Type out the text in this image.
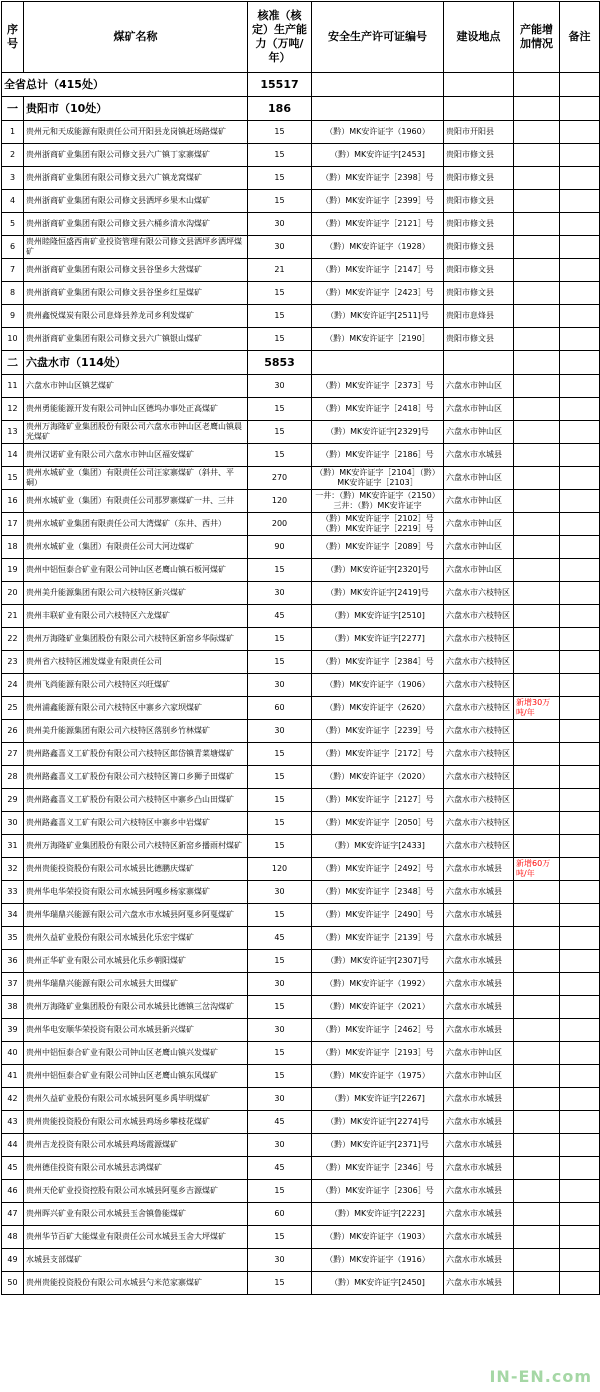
序号	煤矿名称	核准（核定）生产能力（万吨/年）	安全生产许可证编号	建设地点	产能增加情况	备注
全省总计（415处）		15517				
一	贵阳市（10处）	186				
1	贵州元和天成能源有限责任公司开阳县龙岗镇赶场路煤矿	15	（黔）MK安许证字（1960）	贵阳市开阳县		
2	贵州浙商矿业集团有限公司修文县六广镇丁家寨煤矿	15	（黔）MK安许证字[2453]	贵阳市修文县		
3	贵州浙商矿业集团有限公司修文县六广镇龙窝煤矿	15	（黔）MK安许证字［2398］号	贵阳市修文县		
4	贵州浙商矿业集团有限公司修文县洒坪乡果木山煤矿	15	（黔）MK安许证字［2399］号	贵阳市修文县		
5	贵州浙商矿业集团有限公司修文县六桶乡清水沟煤矿	30	（黔）MK安许证字［2121］号	贵阳市修文县		
6	贵州睦隆恒盛西南矿业投资管理有限公司修文县洒坪乡洒坪煤矿	30	（黔）MK安许证字（1928）	贵阳市修文县		
7	贵州浙商矿业集团有限公司修文县谷堡乡大营煤矿	21	（黔）MK安许证字［2147］号	贵阳市修文县		
8	贵州浙商矿业集团有限公司修文县谷堡乡红星煤矿	15	（黔）MK安许证字［2423］号	贵阳市修文县		
9	贵州鑫悦煤炭有限公司息烽县养龙司乡利发煤矿	15	（黔）MK安许证字[2511]号	贵阳市息烽县		
10	贵州浙商矿业集团有限公司修文县六广镇银山煤矿	15	（黔）MK安许证字［2190］	贵阳市修文县		
二	六盘水市（114处）	5853				
11	六盘水市钟山区镇艺煤矿	30	（黔）MK安许证字［2373］号	六盘水市钟山区		
12	贵州勇能能源开发有限公司钟山区德坞办事处正高煤矿	15	（黔）MK安许证字［2418］号	六盘水市钟山区		
13	贵州万海隆矿业集团股份有限公司六盘水市钟山区老鹰山镇晨光煤矿	15	（黔）MK安许证字[2329]号	六盘水市钟山区		
14	贵州汉诺矿业有限公司六盘水市钟山区福安煤矿	15	（黔）MK安许证字［2186］号	六盘水市水城县		
15	贵州水城矿业（集团）有限责任公司汪家寨煤矿（斜井、平硐）	270	（黔）MK安许证字［2104］（黔）MK安许证字［2103］	六盘水市钟山区		
16	贵州水城矿业（集团）有限责任公司那罗寨煤矿一井、三井	120	一井：（黔）MK安许证字（2150）三井：（黔）MK安许证字	六盘水市钟山区		
17	贵州水城矿业集团有限责任公司大湾煤矿（东井、西井）	200	（黔）MK安许证字［2102］号（黔）MK安许证字［2219］号	六盘水市钟山区		
18	贵州水城矿业（集团）有限责任公司大河边煤矿	90	（黔）MK安许证字［2089］号	六盘水市钟山区		
19	贵州中铝恒泰合矿业有限公司钟山区老鹰山镇石板河煤矿	15	（黔）MK安许证字[2320]号	六盘水市钟山区		
20	贵州美升能源集团有限公司六枝特区新兴煤矿	30	（黔）MK安许证字[2419]号	六盘水市六枝特区		
21	贵州丰联矿业有限公司六枝特区六龙煤矿	45	（黔）MK安许证字[2510]	六盘水市六枝特区		
22	贵州万海隆矿业集团股份有限公司六枝特区新窑乡华际煤矿	15	（黔）MK安许证字[2277]	六盘水市六枝特区		
23	贵州省六枝特区湘发煤业有限责任公司	15	（黔）MK安许证字［2384］号	六盘水市六枝特区		
24	贵州飞尚能源有限公司六枝特区兴旺煤矿	30	（黔）MK安许证字（1906）	六盘水市六枝特区		
25	贵州浦鑫能源有限公司六枝特区中寨乡六家坝煤矿	60	（黔）MK安许证字（2620）	六盘水市六枝特区	新增30万吨/年	
26	贵州美升能源集团有限公司六枝特区落别乡竹林煤矿	30	（黔）MK安许证字［2239］号	六盘水市六枝特区		
27	贵州路鑫喜义工矿股份有限公司六枝特区郎岱镇青菜塘煤矿	15	（黔）MK安许证字［2172］号	六盘水市六枝特区		
28	贵州路鑫喜义工矿股份有限公司六枝特区箐口乡狮子田煤矿	15	（黔）MK安许证字（2020）	六盘水市六枝特区		
29	贵州路鑫喜义工矿股份有限公司六枝特区中寨乡凸山田煤矿	15	（黔）MK安许证字［2127］号	六盘水市六枝特区		
30	贵州路鑫喜义工矿有限公司六枝特区中寨乡中岩煤矿	15	（黔）MK安许证字［2050］号	六盘水市六枝特区		
31	贵州万海隆矿业集团股份有限公司六枝特区新窑乡播雨村煤矿	15	（黔）MK安许证字[2433]	六盘水市六枝特区		
32	贵州贵能投资股份有限公司水城县比德鹏庆煤矿	120	（黔）MK安许证字［2492］号	六盘水市水城县	新增60万吨/年	
33	贵州华电华荣投资有限公司水城县阿嘎乡杨家寨煤矿	30	（黔）MK安许证字［2348］号	六盘水市水城县		
34	贵州华瑞鼎兴能源有限公司六盘水市水城县阿戛乡阿戛煤矿	15	（黔）MK安许证字［2490］号	六盘水市水城县		
35	贵州久益矿业股份有限公司水城县化乐宏宇煤矿	45	（黔）MK安许证字［2139］号	六盘水市水城县		
36	贵州正华矿业有限公司水城县化乐乡朝阳煤矿	15	（黔）MK安许证字[2307]号	六盘水市水城县		
37	贵州华瑞鼎兴能源有限公司水城县大田煤矿	30	（黔）MK安许证字（1992）	六盘水市水城县		
38	贵州万海隆矿业集团股份有限公司水城县比德镇三岔沟煤矿	15	（黔）MK安许证字（2021）	六盘水市水城县		
39	贵州华电安顺华荣投资有限公司水城县新兴煤矿	30	（黔）MK安许证字［2462］号	六盘水市水城县		
40	贵州中铝恒泰合矿业有限公司钟山区老鹰山镇兴发煤矿	15	（黔）MK安许证字［2193］号	六盘水市钟山区		
41	贵州中铝恒泰合矿业有限公司钟山区老鹰山镇东风煤矿	15	（黔）MK安许证字（1975）	六盘水市钟山区		
42	贵州久益矿业股份有限公司水城县阿戛乡禹毕明煤矿	30	（黔）MK安许证字[2267]	六盘水市水城县		
43	贵州贵能投资股份有限公司水城县鸡场乡攀枝花煤矿	45	（黔）MK安许证字[2274]号	六盘水市水城县		
44	贵州吉龙投资有限公司水城县鸡场霞源煤矿	30	（黔）MK安许证字[2371]号	六盘水市水城县		
45	贵州德佳投资有限公司水城县志鸿煤矿	45	（黔）MK安许证字［2346］号	六盘水市水城县		
46	贵州天伦矿业投资控股有限公司水城县阿戛乡吉源煤矿	15	（黔）MK安许证字［2306］号	六盘水市水城县		
47	贵州晖兴矿业有限公司水城县玉舍镇鲁能煤矿	60	（黔）MK安许证字[2223]	六盘水市水城县		
48	贵州华节百矿大能煤业有限责任公司水城县玉舍大坪煤矿	15	（黔）MK安许证字（1903）	六盘水市水城县		
49	水城县支部煤矿	30	（黔）MK安许证字（1916）	六盘水市水城县		
50	贵州贵能投资股份有限公司水城县勺米范家寨煤矿	15	（黔）MK安许证字[2450]	六盘水市水城县		
IN-EN.com
